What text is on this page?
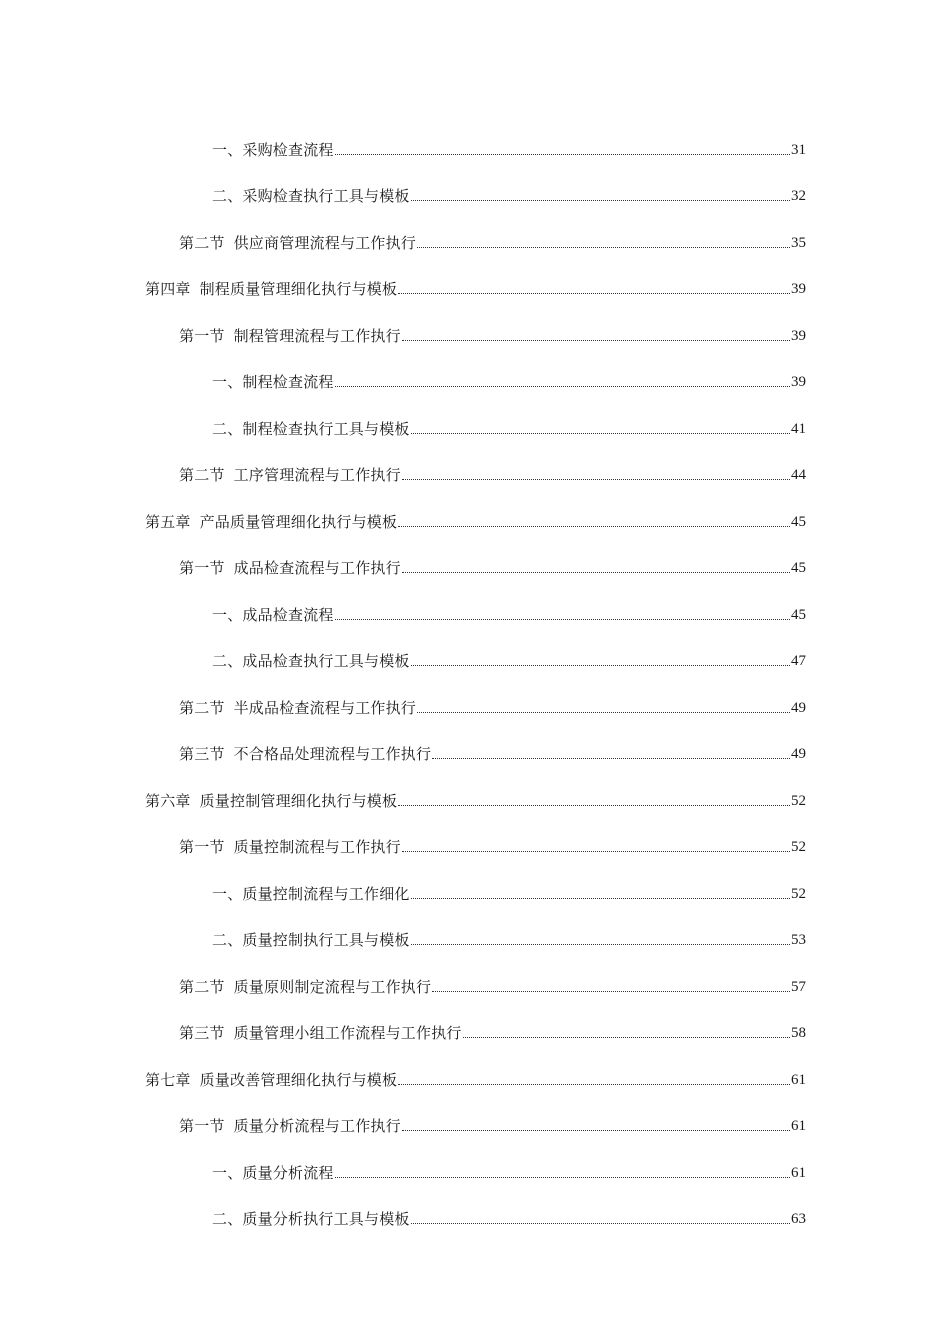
一、采购检查流程	31
二、采购检查执行工具与模板	32
第二节 供应商管理流程与工作执行	35
第四章 制程质量管理细化执行与模板	39
第一节 制程管理流程与工作执行	39
一、制程检查流程	39
二、制程检查执行工具与模板	41
第二节 工序管理流程与工作执行	44
第五章 产品质量管理细化执行与模板	45
第一节 成品检查流程与工作执行	45
一、成品检查流程	45
二、成品检查执行工具与模板	47
第二节 半成品检查流程与工作执行	49
第三节 不合格品处理流程与工作执行	49
第六章 质量控制管理细化执行与模板	52
第一节 质量控制流程与工作执行	52
一、质量控制流程与工作细化	52
二、质量控制执行工具与模板	53
第二节 质量原则制定流程与工作执行	57
第三节 质量管理小组工作流程与工作执行	58
第七章 质量改善管理细化执行与模板	61
第一节 质量分析流程与工作执行	61
一、质量分析流程	61
二、质量分析执行工具与模板	63
